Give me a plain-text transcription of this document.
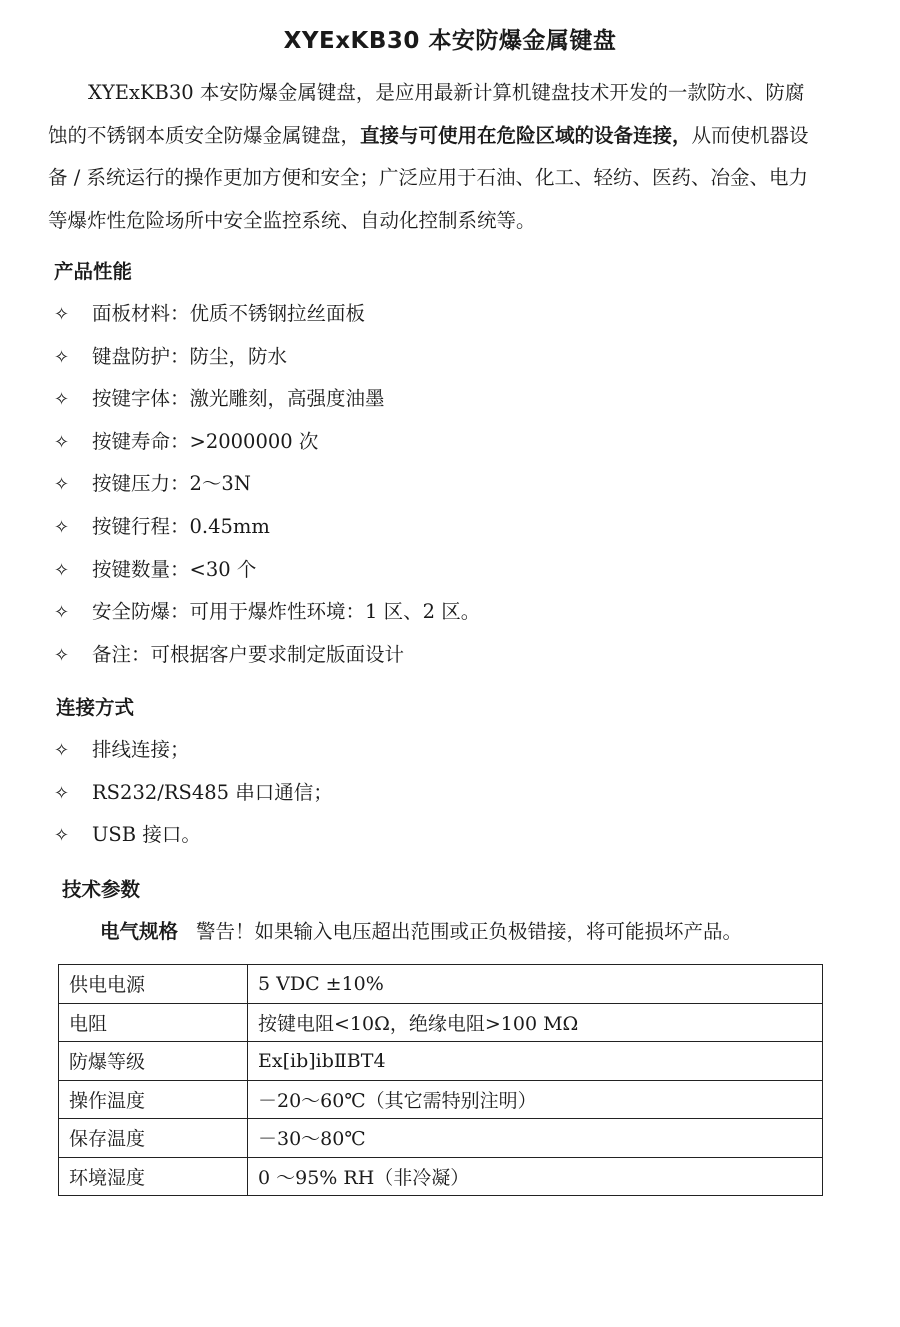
XYExKB30 本安防爆金属键盘
XYExKB30 本安防爆金属键盘，是应用最新计算机键盘技术开发的一款防水、防腐蚀的不锈钢本质安全防爆金属键盘，直接与可使用在危险区域的设备连接，从而使机器设备 / 系统运行的操作更加方便和安全；广泛应用于石油、化工、轻纺、医药、冶金、电力等爆炸性危险场所中安全监控系统、自动化控制系统等。
产品性能
✧ 面板材料：优质不锈钢拉丝面板
✧ 键盘防护：防尘，防水
✧ 按键字体：激光雕刻，高强度油墨
✧ 按键寿命：>2000000 次
✧ 按键压力：2～3N
✧ 按键行程：0.45mm
✧ 按键数量：<30 个
✧ 安全防爆：可用于爆炸性环境：1 区、2 区。
✧ 备注：可根据客户要求制定版面设计
连接方式
✧ 排线连接；
✧ RS232/RS485 串口通信；
✧ USB 接口。
技术参数
电气规格 警告！如果输入电压超出范围或正负极错接，将可能损坏产品。
供电电源	5 VDC ±10%
电阻	按键电阻<10Ω，绝缘电阻>100 MΩ
防爆等级	Ex[ib]ibⅡBT4
操作温度	－20～60℃（其它需特别注明）
保存温度	－30～80℃
环境湿度	0 ～95% RH（非冷凝）
